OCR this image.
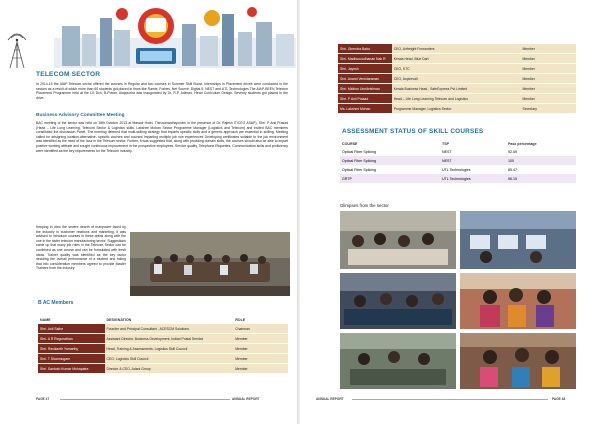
TELECOM SECTOR
In 2014-15 the AIAP Telecom sector offered the courses in Regular and two courses in Summer Skill Boost. Internships in Placement drives were conducted in the sectors as a result of which more than 60 students got placed in firms like Ramie, Forbes, Net Source, Digital-9, NEST and UTL Technologies The AIAP-BEEN Telecom Placement Programme held at the LS Dch, B-Power, Alappuzha was inaugurated by Dr. R.P. Adiman, Head Curriculum Design. Seventy students got placed in the drive.
Business Advisory Committee Meeting
BAC meeting of the sector was held on 18th October 2013 at Mascot Hotel, Thiruvananthapuram in the presence of Dr. Rajesh IT/CEO ASAP), Shri. P Anil Prasad (Head – Life Long Learning, Telecom Sector & Logistics skills. Lakshmi Mohan Sector Programme Manager (Logistics and Telecom) and invited BAC members constituted the discussion Panel. The meeting deemed that multi-skilling strategy that imparts specific skills and a generic approach are essential in skilling. Meeting called for designing location-alternative- specific courses and courses imparting multiple job role experiences Developing certificates suitable to the job environment was identified as the need of the hour in the Telecom sector. Further, it was suggested that, along with providing domain skills, the courses should also be able to impart positive working attitude and sought continuous improvement in the prospective employees. Service quality, Telephone Etiquettes, Communication skills and proficiency were identified as the key requirements for the Telecom industry.
Keeping in view the severe dearth of manpower faced by the industry in customer relations and marketing, it was advised to introduce courses in these areas along with the one in the sister telecom manufacturing sector. Suggestions came up that many job roles in the Telecom Sector can be combined as one course and can be formulated with fresh ideas. Trainer quality was identified as the key factor deciding the overall performance of a student and taking that into consideration members agreed to provide Master Trainers from the industry.
B AC Members
NAME	DESIGNATION	ROLE
Shri. Anil Sathe	Founder and Principal Consultant , ACESCM Solutions	Chairman
Shri. A R Regunathan	Assistant Director, Business Development, Indian Postal Service	Member
Shri. Ravikanth Yamarthy	Head, Training & Assessments, Logistics Skill Council	Member
Shri. T Shanmugam	CEO, Logistics Skill Council	Member
Shri. Santosh Kumar Mohapatra	Director & CEO, Adani Group	Member
PAGE 47	ANNUAL REPORT
Shri. Girendra Babu	CEO, Airfreight Forwarders	Member
Shri. Madhusoodhanan Nair R	Kerala Head, Blue Dart	Member
Shri. Jayesh	CEO, KTC	Member
Shri. Anand Venkitaraman	CEO, Aspirevall	Member
Shri. Midhun Unnikrishnan	Kerala Business Head , SafeExpress Pvt Limited	Member
Shri. P Anil Prasad	Head – Life Long Learning Telecom and Logistics	Member
Ms. Lakshmi Mohan	Programme Manager, Logistics Sector	Secretary
ASSESSMENT STATUS OF SKILL COURSES
COURSE	TSP	Pass percentage
Optical Fiber Splicing	NEST	92.59
Optical Fiber Splicing	NEST	100
Optical Fiber Splicing	UTL Technologies	85.47
GRTP	UTL Technologies	96.15
Glimpses from the sector
ANNUAL REPORT	PAGE 48
